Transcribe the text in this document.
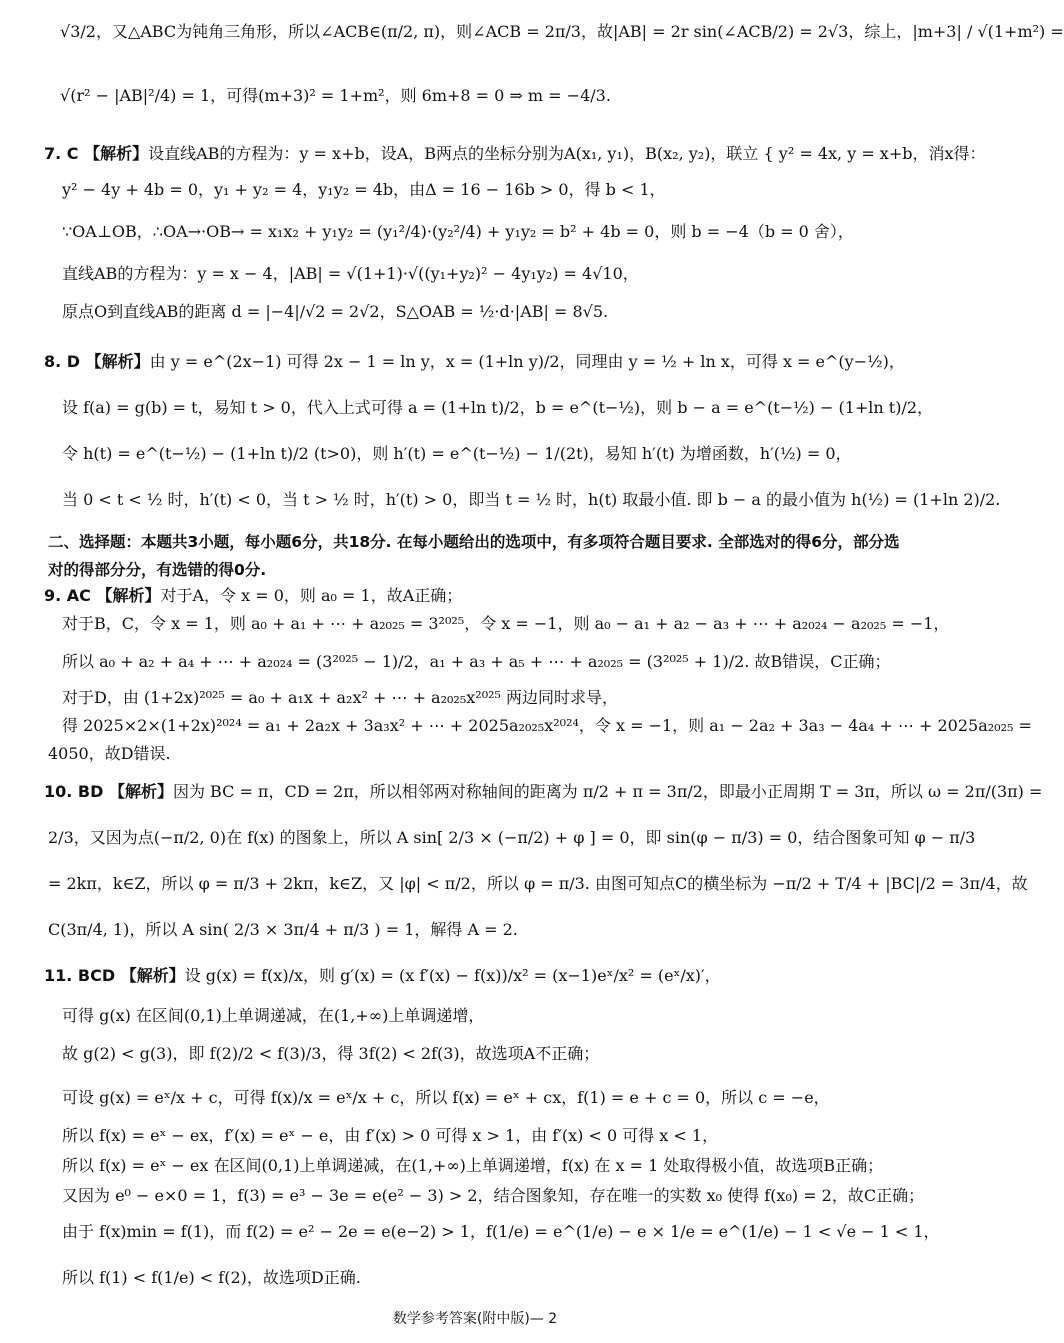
√3/2，又△ABC为钝角三角形，所以∠ACB∈(π/2, π)，则∠ACB = 2π/3，故|AB| = 2r sin(∠ACB/2) = 2√3，综上，|m+3| / √(1+m²) =
√(r² − |AB|²/4) = 1，可得(m+3)² = 1+m²，则 6m+8 = 0 ⇒ m = −4/3.
7. C 【解析】设直线AB的方程为：y = x+b，设A，B两点的坐标分别为A(x₁, y₁)，B(x₂, y₂)，联立 { y² = 4x, y = x+b，消x得：
y² − 4y + 4b = 0，y₁ + y₂ = 4，y₁y₂ = 4b，由Δ = 16 − 16b > 0，得 b < 1，
∵OA⊥OB，∴OA→·OB→ = x₁x₂ + y₁y₂ = (y₁²/4)·(y₂²/4) + y₁y₂ = b² + 4b = 0，则 b = −4（b = 0 舍），
直线AB的方程为：y = x − 4，|AB| = √(1+1)·√((y₁+y₂)² − 4y₁y₂) = 4√10，
原点O到直线AB的距离 d = |−4|/√2 = 2√2，S△OAB = ½·d·|AB| = 8√5.
8. D 【解析】由 y = e^(2x−1) 可得 2x − 1 = ln y，x = (1+ln y)/2，同理由 y = ½ + ln x，可得 x = e^(y−½)，
设 f(a) = g(b) = t，易知 t > 0，代入上式可得 a = (1+ln t)/2，b = e^(t−½)，则 b − a = e^(t−½) − (1+ln t)/2，
令 h(t) = e^(t−½) − (1+ln t)/2 (t>0)，则 h′(t) = e^(t−½) − 1/(2t)，易知 h′(t) 为增函数，h′(½) = 0，
当 0 < t < ½ 时，h′(t) < 0，当 t > ½ 时，h′(t) > 0，即当 t = ½ 时，h(t) 取最小值. 即 b − a 的最小值为 h(½) = (1+ln 2)/2.
二、选择题：本题共3小题，每小题6分，共18分. 在每小题给出的选项中，有多项符合题目要求. 全部选对的得6分，部分选对的得部分分，有选错的得0分.
9. AC 【解析】对于A，令 x = 0，则 a₀ = 1，故A正确；
对于B，C，令 x = 1，则 a₀ + a₁ + ⋯ + a₂₀₂₅ = 3²⁰²⁵，令 x = −1，则 a₀ − a₁ + a₂ − a₃ + ⋯ + a₂₀₂₄ − a₂₀₂₅ = −1，
所以 a₀ + a₂ + a₄ + ⋯ + a₂₀₂₄ = (3²⁰²⁵ − 1)/2，a₁ + a₃ + a₅ + ⋯ + a₂₀₂₅ = (3²⁰²⁵ + 1)/2. 故B错误，C正确；
对于D，由 (1+2x)²⁰²⁵ = a₀ + a₁x + a₂x² + ⋯ + a₂₀₂₅x²⁰²⁵ 两边同时求导，
得 2025×2×(1+2x)²⁰²⁴ = a₁ + 2a₂x + 3a₃x² + ⋯ + 2025a₂₀₂₅x²⁰²⁴，令 x = −1，则 a₁ − 2a₂ + 3a₃ − 4a₄ + ⋯ + 2025a₂₀₂₅ =
4050，故D错误.
10. BD 【解析】因为 BC = π，CD = 2π，所以相邻两对称轴间的距离为 π/2 + π = 3π/2，即最小正周期 T = 3π，所以 ω = 2π/(3π) =
2/3，又因为点(−π/2, 0)在 f(x) 的图象上，所以 A sin[ 2/3 × (−π/2) + φ ] = 0，即 sin(φ − π/3) = 0，结合图象可知 φ − π/3
= 2kπ，k∈Z，所以 φ = π/3 + 2kπ，k∈Z，又 |φ| < π/2，所以 φ = π/3. 由图可知点C的横坐标为 −π/2 + T/4 + |BC|/2 = 3π/4，故
C(3π/4, 1)，所以 A sin( 2/3 × 3π/4 + π/3 ) = 1，解得 A = 2.
11. BCD 【解析】设 g(x) = f(x)/x，则 g′(x) = (x f′(x) − f(x))/x² = (x−1)eˣ/x² = (eˣ/x)′，
可得 g(x) 在区间(0,1)上单调递减，在(1,+∞)上单调递增，
故 g(2) < g(3)，即 f(2)/2 < f(3)/3，得 3f(2) < 2f(3)，故选项A不正确；
可设 g(x) = eˣ/x + c，可得 f(x)/x = eˣ/x + c，所以 f(x) = eˣ + cx，f(1) = e + c = 0，所以 c = −e，
所以 f(x) = eˣ − ex，f′(x) = eˣ − e，由 f′(x) > 0 可得 x > 1，由 f′(x) < 0 可得 x < 1，
所以 f(x) = eˣ − ex 在区间(0,1)上单调递减，在(1,+∞)上单调递增，f(x) 在 x = 1 处取得极小值，故选项B正确；
又因为 e⁰ − e×0 = 1，f(3) = e³ − 3e = e(e² − 3) > 2，结合图象知，存在唯一的实数 x₀ 使得 f(x₀) = 2，故C正确；
由于 f(x)min = f(1)，而 f(2) = e² − 2e = e(e−2) > 1，f(1/e) = e^(1/e) − e × 1/e = e^(1/e) − 1 < √e − 1 < 1，
所以 f(1) < f(1/e) < f(2)，故选项D正确.
数学参考答案(附中版)— 2
